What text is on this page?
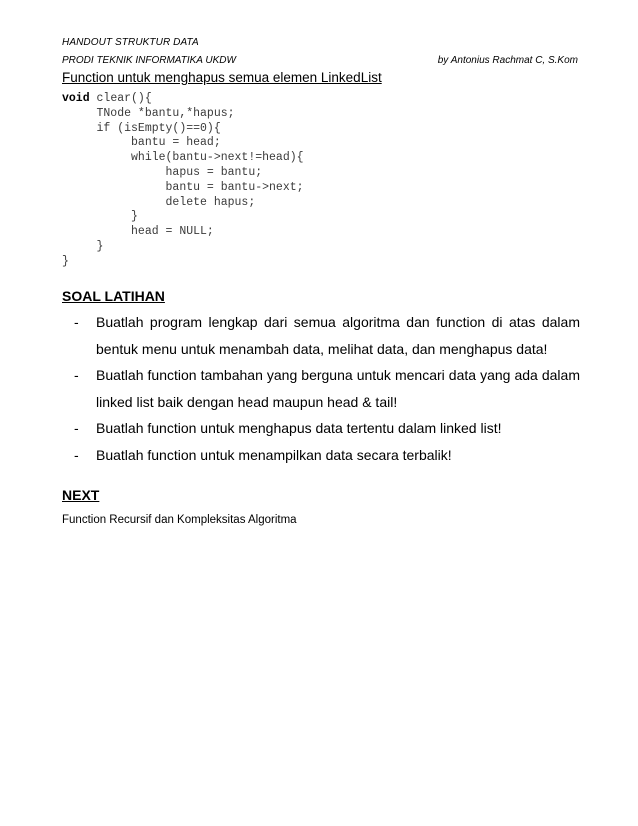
HANDOUT STRUKTUR DATA
PRODI TEKNIK INFORMATIKA UKDW	by Antonius Rachmat C, S.Kom
Function untuk menghapus semua elemen LinkedList
void clear(){
TNode *bantu,*hapus;
if (isEmpty()==0){
bantu = head;
while(bantu->next!=head){
hapus = bantu;
bantu = bantu->next;
delete hapus;
}
head = NULL;
}
}
SOAL LATIHAN
- Buatlah program lengkap dari semua algoritma dan function di atas dalam bentuk menu untuk menambah data, melihat data, dan menghapus data!
- Buatlah function tambahan yang berguna untuk mencari data yang ada dalam linked list baik dengan head maupun head & tail!
- Buatlah function untuk menghapus data tertentu dalam linked list!
- Buatlah function untuk menampilkan data secara terbalik!
NEXT
Function Recursif dan Kompleksitas Algoritma
